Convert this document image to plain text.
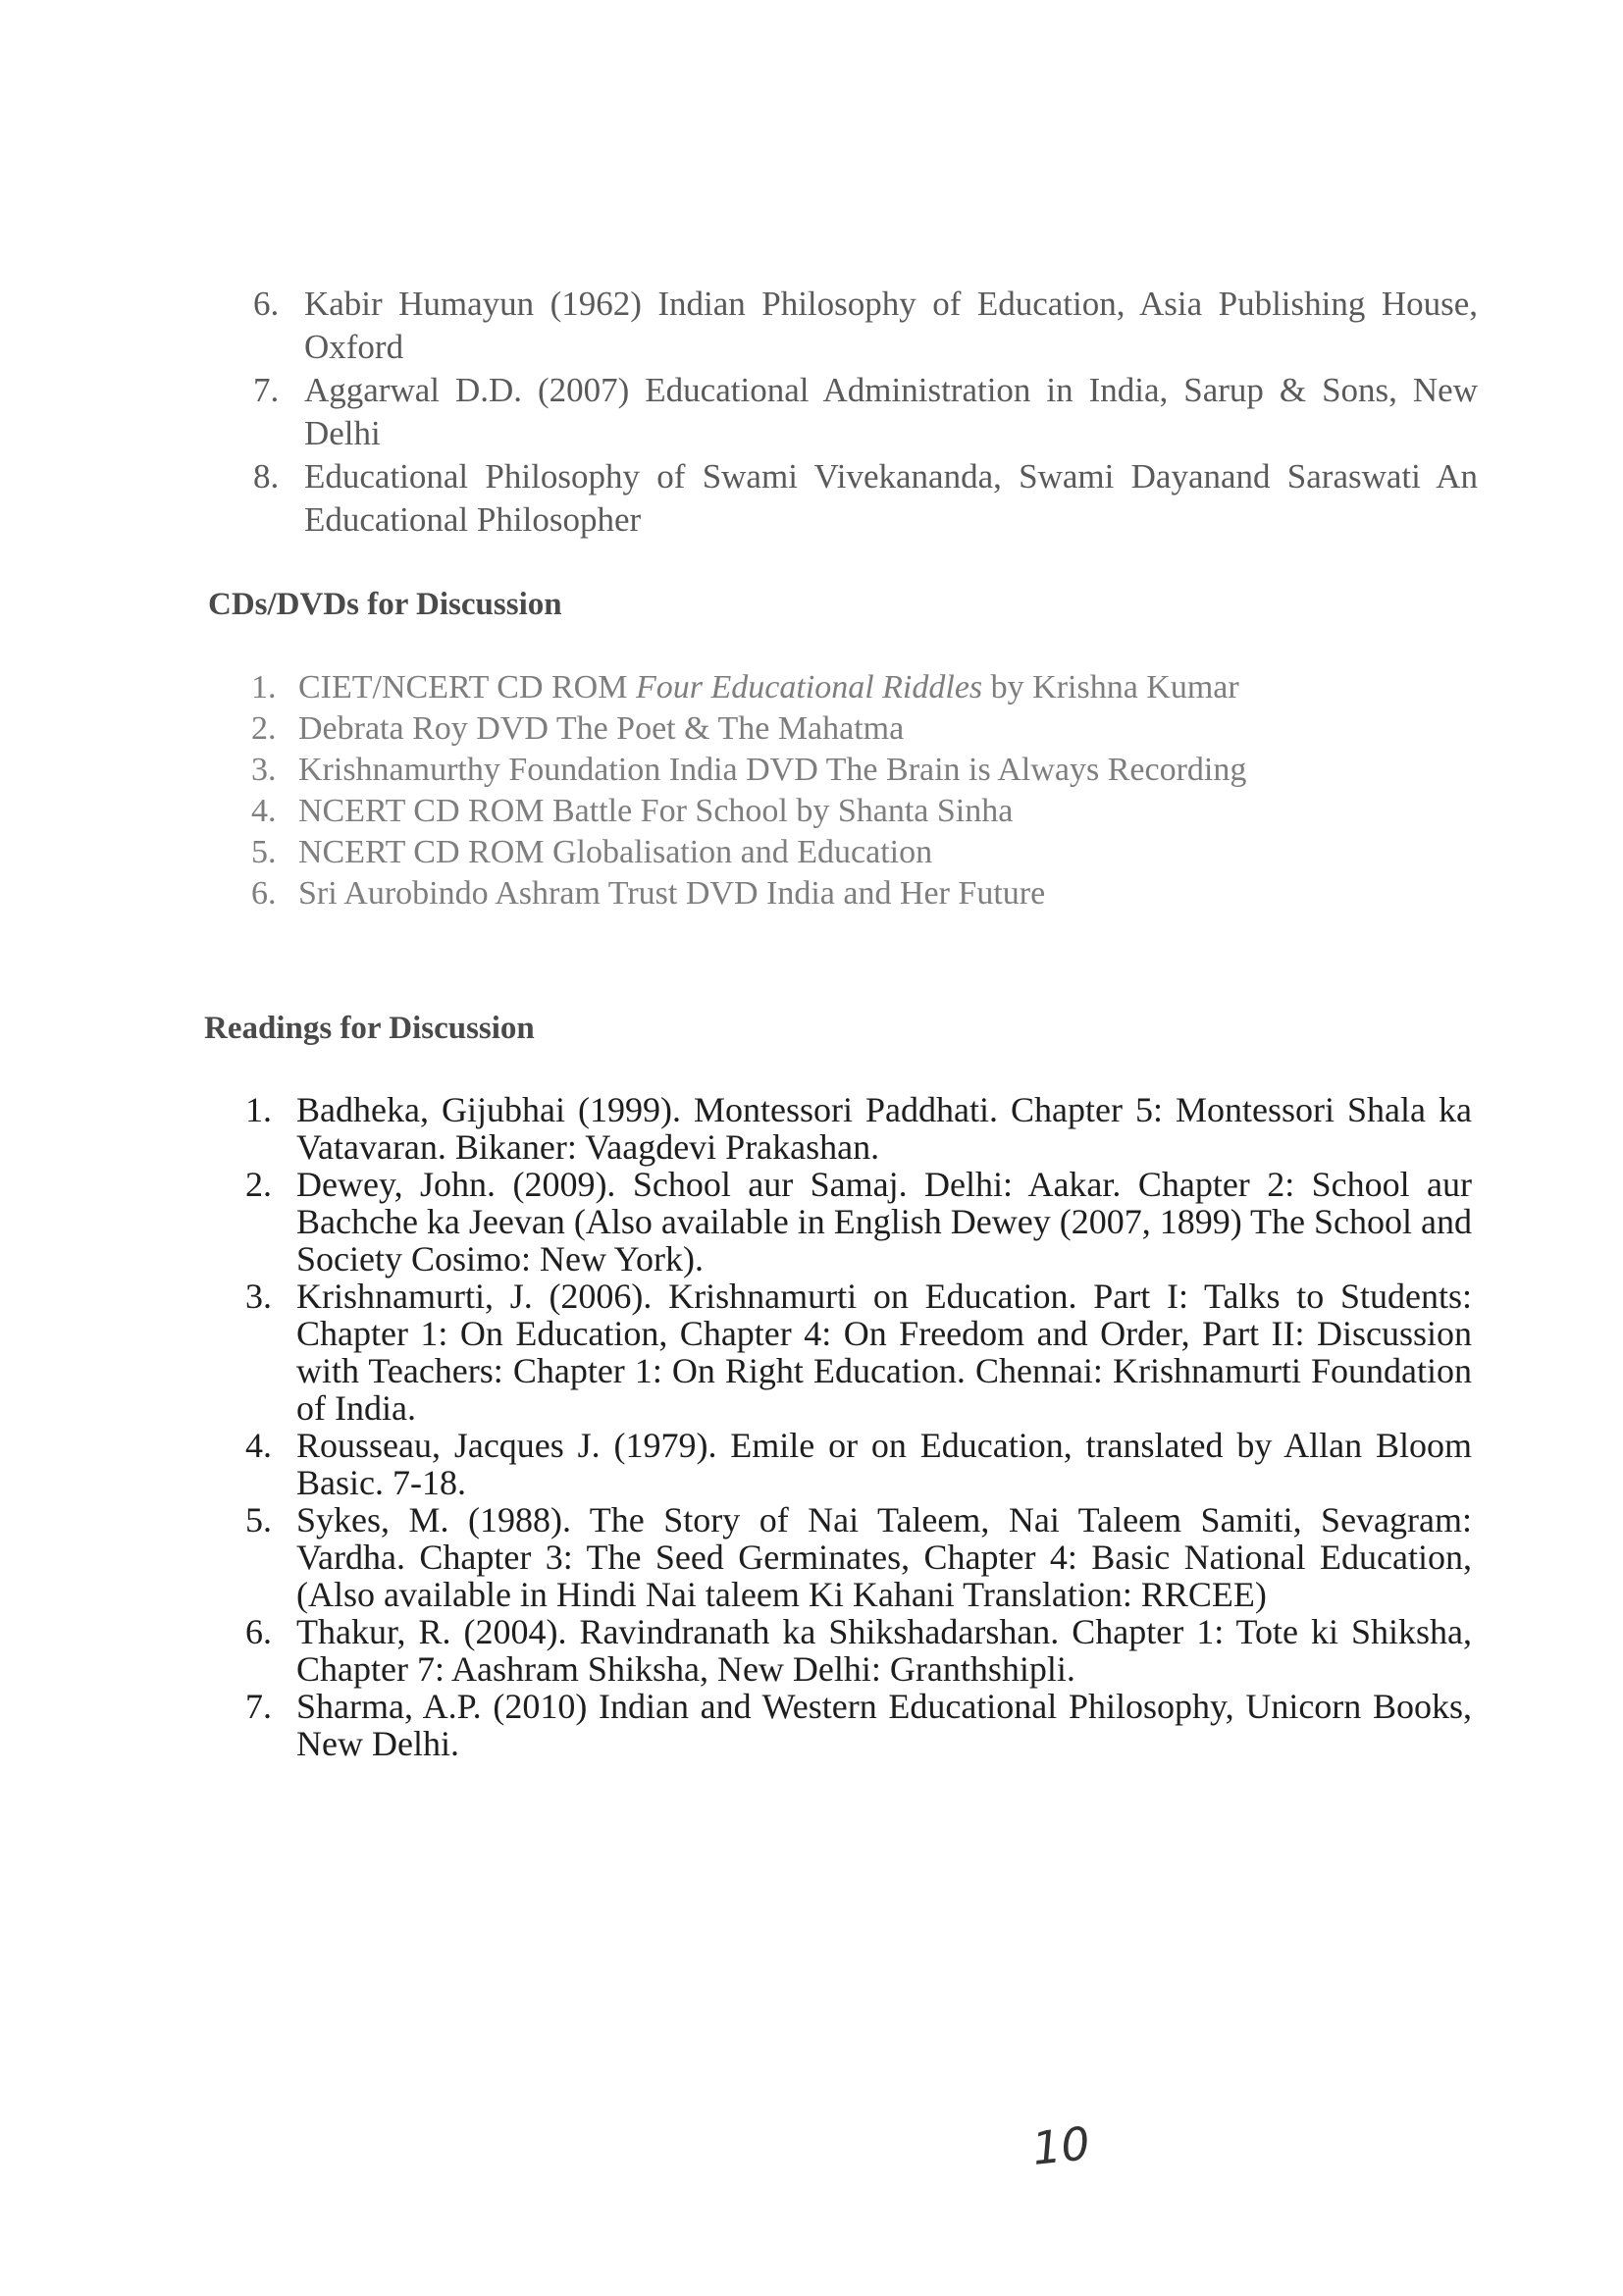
6. Kabir Humayun (1962) Indian Philosophy of Education, Asia Publishing House, Oxford
7. Aggarwal D.D. (2007) Educational Administration in India, Sarup & Sons, New Delhi
8. Educational Philosophy of Swami Vivekananda, Swami Dayanand Saraswati An Educational Philosopher
CDs/DVDs for Discussion
1. CIET/NCERT CD ROM Four Educational Riddles by Krishna Kumar
2. Debrata Roy DVD The Poet & The Mahatma
3. Krishnamurthy Foundation India DVD The Brain is Always Recording
4. NCERT CD ROM Battle For School by Shanta Sinha
5. NCERT CD ROM Globalisation and Education
6. Sri Aurobindo Ashram Trust DVD India and Her Future
Readings for Discussion
1. Badheka, Gijubhai (1999). Montessori Paddhati. Chapter 5: Montessori Shala ka Vatavaran. Bikaner: Vaagdevi Prakashan.
2. Dewey, John. (2009). School aur Samaj. Delhi: Aakar. Chapter 2: School aur Bachche ka Jeevan (Also available in English Dewey (2007, 1899) The School and Society Cosimo: New York).
3. Krishnamurti, J. (2006). Krishnamurti on Education. Part I: Talks to Students: Chapter 1: On Education, Chapter 4: On Freedom and Order, Part II: Discussion with Teachers: Chapter 1: On Right Education. Chennai: Krishnamurti Foundation of India.
4. Rousseau, Jacques J. (1979). Emile or on Education, translated by Allan Bloom Basic. 7-18.
5. Sykes, M. (1988). The Story of Nai Taleem, Nai Taleem Samiti, Sevagram: Vardha. Chapter 3: The Seed Germinates, Chapter 4: Basic National Education, (Also available in Hindi Nai taleem Ki Kahani Translation: RRCEE)
6. Thakur, R. (2004). Ravindranath ka Shikshadarshan. Chapter 1: Tote ki Shiksha, Chapter 7: Aashram Shiksha, New Delhi: Granthshipli.
7. Sharma, A.P. (2010) Indian and Western Educational Philosophy, Unicorn Books, New Delhi.
10
